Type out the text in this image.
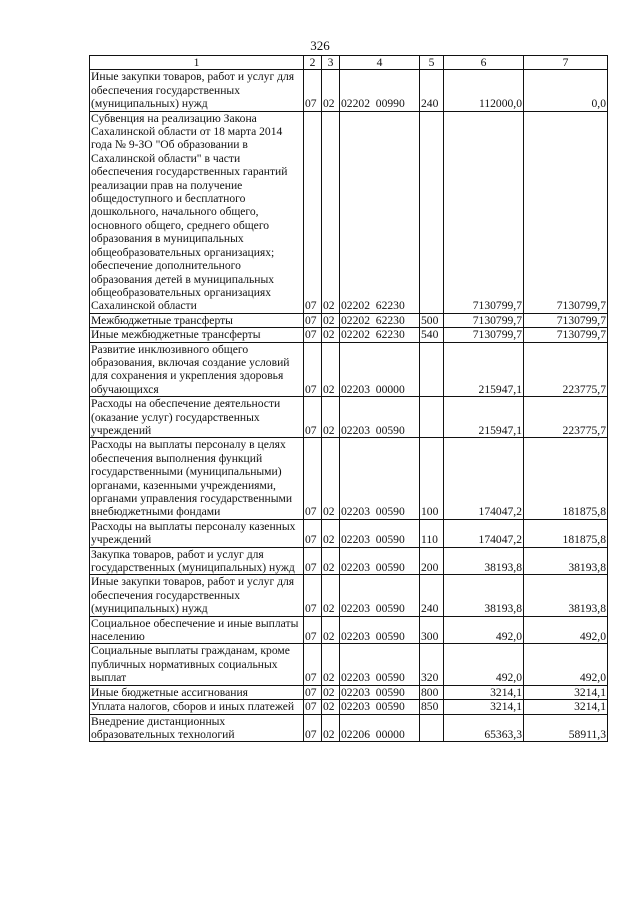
326
1	2	3	4	5	6	7
Иные закупки товаров, работ и услуг для обеспечения государственных (муниципальных) нужд	07	02	02202  00990	240	112000,0	0,0
Субвенция на реализацию Закона Сахалинской области от 18 марта 2014 года № 9-ЗО "Об образовании в Сахалинской области" в части обеспечения государственных гарантий реализации прав на получение общедоступного и бесплатного дошкольного, начального общего, основного общего, среднего общего образования в муниципальных общеобразовательных организациях; обеспечение дополнительного образования детей в муниципальных общеобразовательных организациях Сахалинской области	07	02	02202  62230		7130799,7	7130799,7
Межбюджетные трансферты	07	02	02202  62230	500	7130799,7	7130799,7
Иные межбюджетные трансферты	07	02	02202  62230	540	7130799,7	7130799,7
Развитие инклюзивного общего образования, включая создание условий для сохранения и укрепления здоровья обучающихся	07	02	02203  00000		215947,1	223775,7
Расходы на обеспечение деятельности (оказание услуг) государственных учреждений	07	02	02203  00590		215947,1	223775,7
Расходы на выплаты персоналу в целях обеспечения выполнения функций государственными (муниципальными) органами, казенными учреждениями, органами управления государственными внебюджетными фондами	07	02	02203  00590	100	174047,2	181875,8
Расходы на выплаты персоналу казенных учреждений	07	02	02203  00590	110	174047,2	181875,8
Закупка товаров, работ и услуг для государственных (муниципальных) нужд	07	02	02203  00590	200	38193,8	38193,8
Иные закупки товаров, работ и услуг для обеспечения государственных (муниципальных) нужд	07	02	02203  00590	240	38193,8	38193,8
Социальное обеспечение и иные выплаты населению	07	02	02203  00590	300	492,0	492,0
Социальные выплаты гражданам, кроме публичных нормативных социальных выплат	07	02	02203  00590	320	492,0	492,0
Иные бюджетные ассигнования	07	02	02203  00590	800	3214,1	3214,1
Уплата налогов, сборов и иных платежей	07	02	02203  00590	850	3214,1	3214,1
Внедрение дистанционных образовательных технологий	07	02	02206  00000		65363,3	58911,3
